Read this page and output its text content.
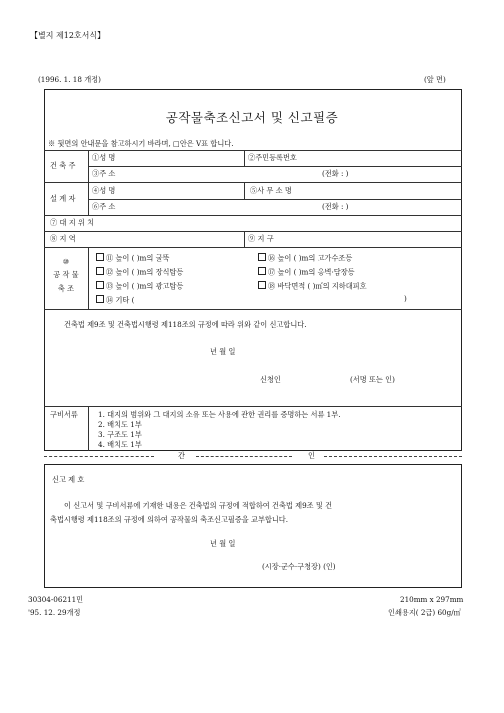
【별지 제12호서식】
(1996. 1. 18 개정)	(앞 면)
공작물축조신고서 및 신고필증
※ 뒷면의 안내문을 참고하시기 바라며, □안은 V표 합니다.
건 축 주
①성 명	②주민등록번호
③주 소	(전화 : )
설 계 자
④성 명	⑤사 무 소 명
⑥주 소	(전화 : )
⑦ 대 지 위 치
⑧ 지 역	⑨ 지 구
⑩
공 작 물
축 조
⑪ 높이 ( )m의 굴뚝	⑯ 높이 ( )m의 고가수조등
⑫ 높이 ( )m의 장식탑등	⑰ 높이 ( )m의 옹벽·담장등
⑬ 높이 ( )m의 광고탑등	⑱ 바닥면적 ( )㎡의 지하대피호
⑭ 기타 (	)
건축법 제9조 및 건축법시행령 제118조의 규정에 따라 위와 같이 신고합니다.
년 월 일
신청인	(서명 또는 인)
구비서류	1. 대지의 범위와 그 대지의 소유 또는 사용에 관한 권리를 증명하는 서류 1부.
2. 배치도 1부
3. 구조도 1부
4. 배치도 1부
간	인
신고 제 호
이 신고서 및 구비서류에 기재한 내용은 건축법의 규정에 적합하여 건축법 제9조 및 건
축법시행령 제118조의 규정에 의하여 공작물의 축조신고필증을 교부합니다.
년 월 일
(시장·군수·구청장) (인)
30304-06211민
'95. 12. 29개정
210mm x 297mm
인쇄용지( 2급) 60g/㎡
